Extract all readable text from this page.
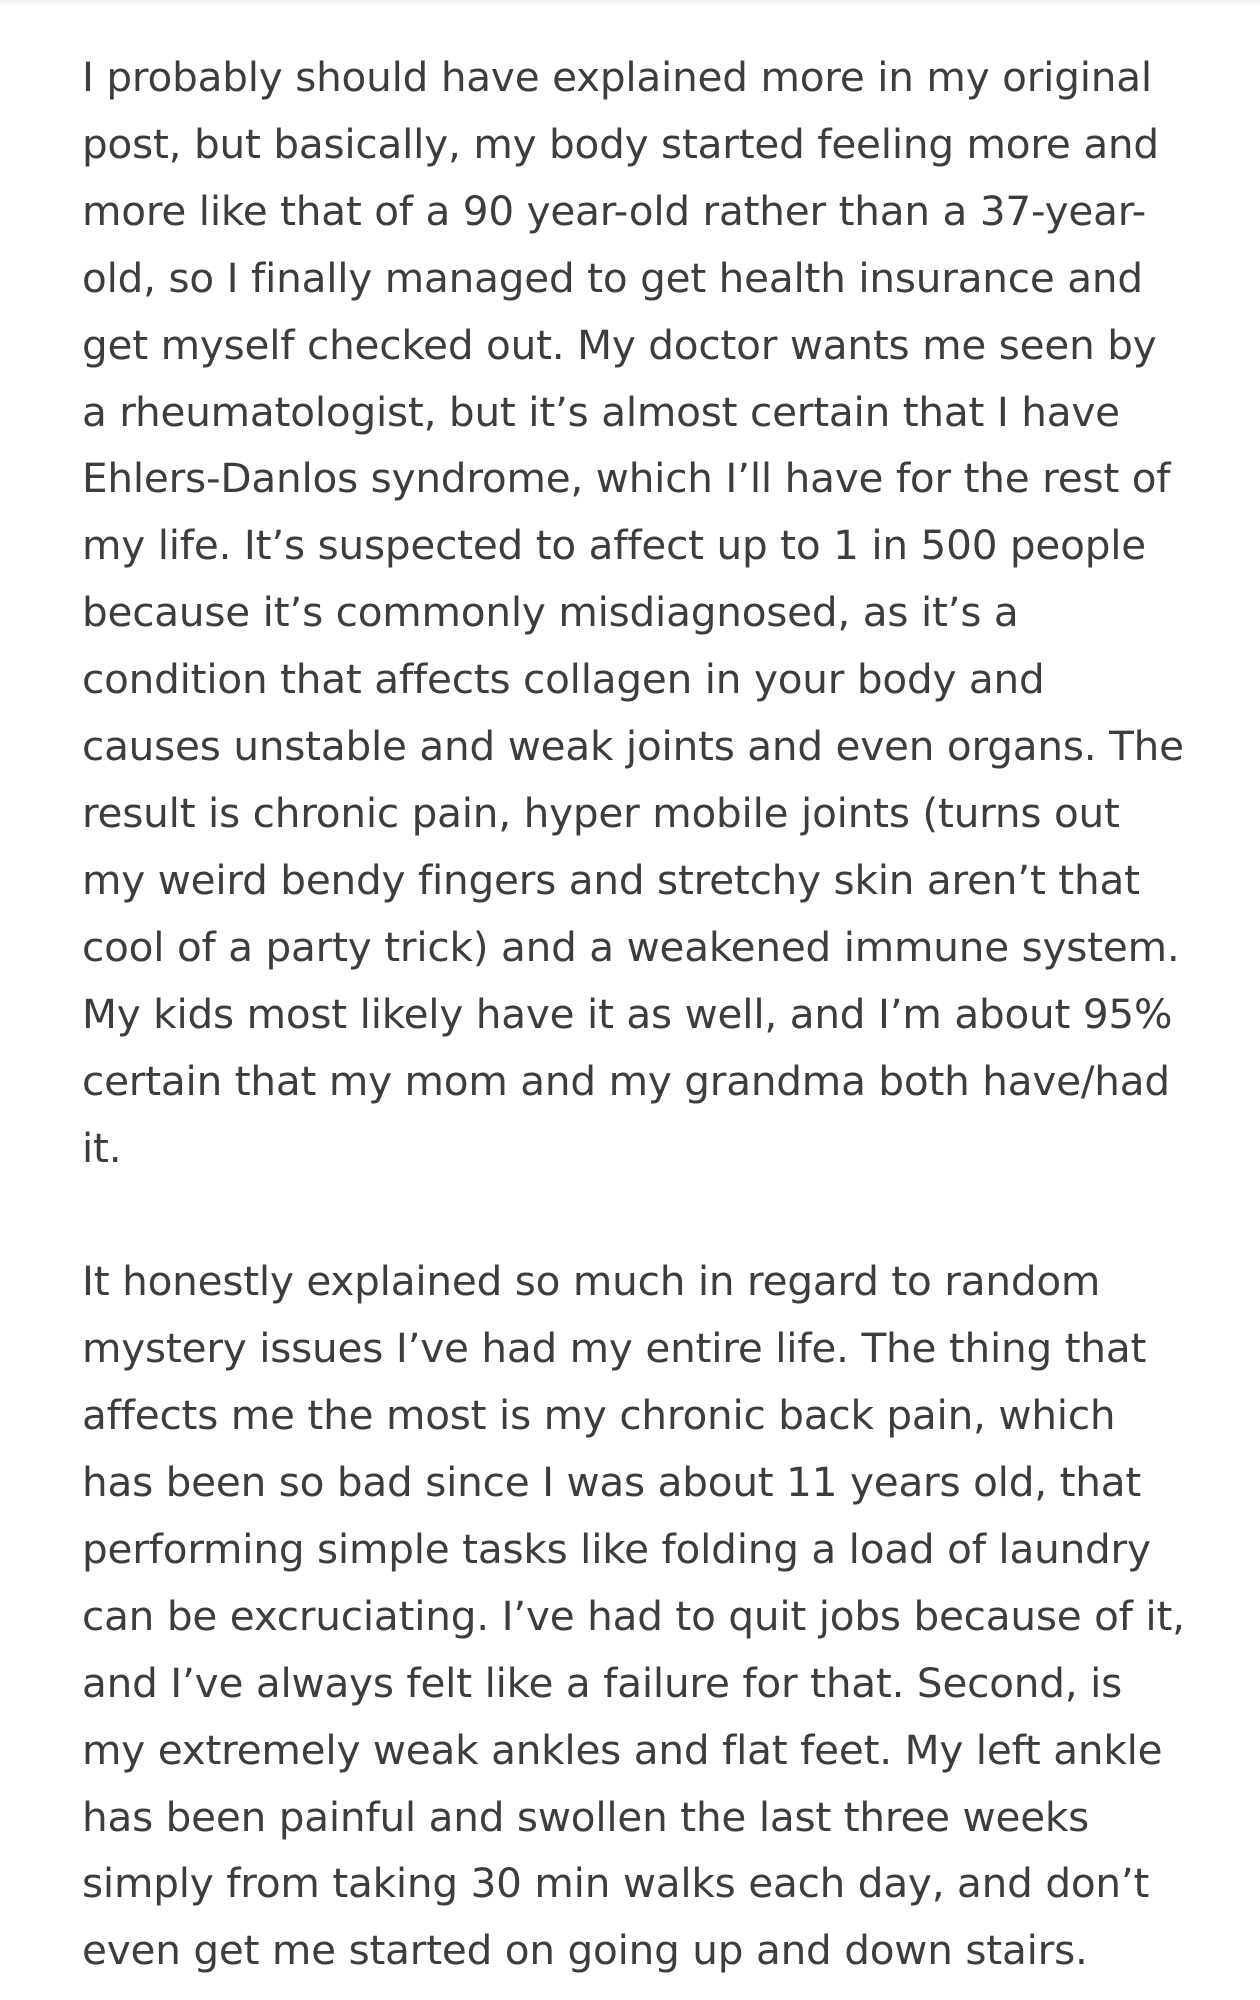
I probably should have explained more in my original post, but basically, my body started feeling more and more like that of a 90 year-old rather than a 37-year-old, so I finally managed to get health insurance and get myself checked out. My doctor wants me seen by a rheumatologist, but it’s almost certain that I have Ehlers-Danlos syndrome, which I’ll have for the rest of my life. It’s suspected to affect up to 1 in 500 people because it’s commonly misdiagnosed, as it’s a condition that affects collagen in your body and causes unstable and weak joints and even organs. The result is chronic pain, hyper mobile joints (turns out my weird bendy fingers and stretchy skin aren’t that cool of a party trick) and a weakened immune system. My kids most likely have it as well, and I’m about 95% certain that my mom and my grandma both have/had it.

It honestly explained so much in regard to random mystery issues I’ve had my entire life. The thing that affects me the most is my chronic back pain, which has been so bad since I was about 11 years old, that performing simple tasks like folding a load of laundry can be excruciating. I’ve had to quit jobs because of it, and I’ve always felt like a failure for that. Second, is my extremely weak ankles and flat feet. My left ankle has been painful and swollen the last three weeks simply from taking 30 min walks each day, and don’t even get me started on going up and down stairs.
